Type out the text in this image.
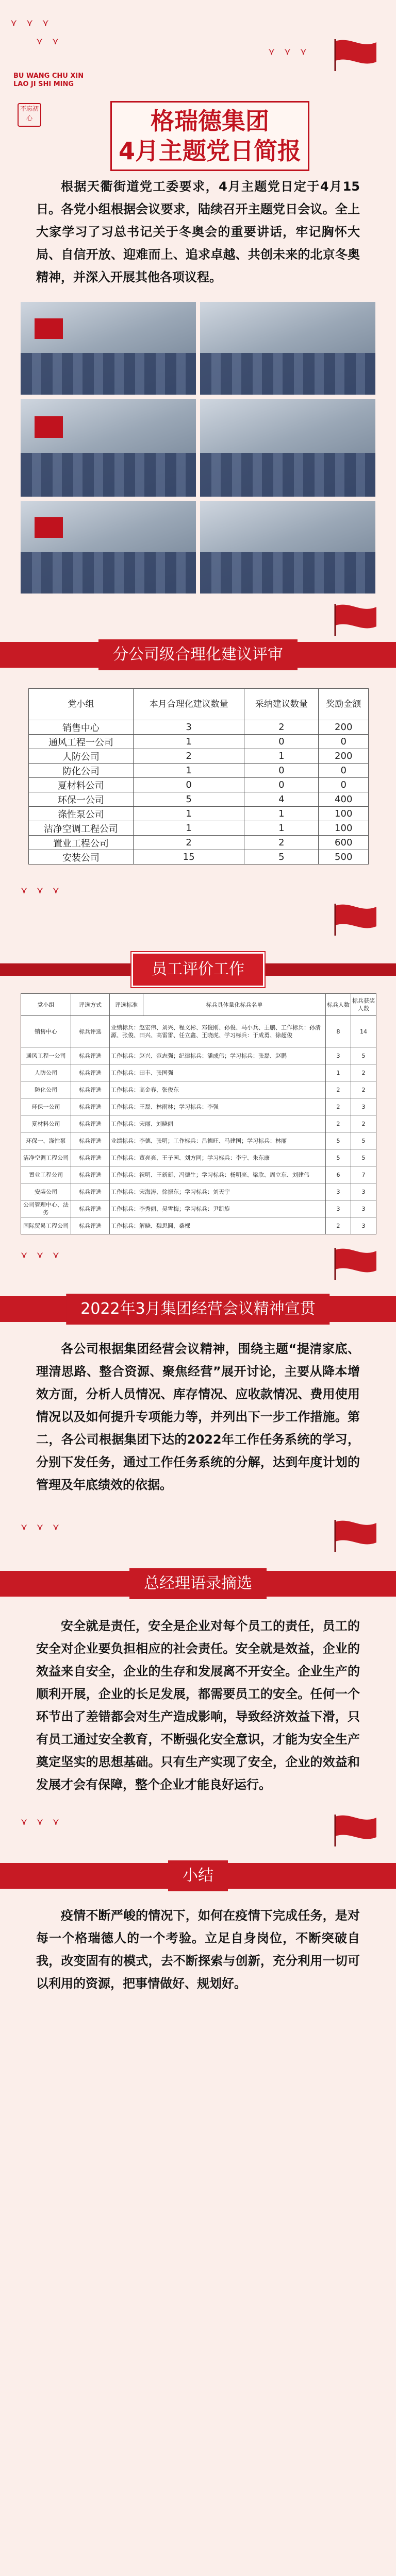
⋎ ⋎ ⋎
⋎ ⋎
⋎ ⋎ ⋎
BU WANG CHU XIN
LAO JI SHI MING
不忘初心	格瑞德集团
4月主题党日简报
根据天衢街道党工委要求，4月主题党日定于4月15日。各党小组根据会议要求，陆续召开主题党日会议。全上大家学习了习总书记关于冬奥会的重要讲话，牢记胸怀大局、自信开放、迎难而上、追求卓越、共创未来的北京冬奥精神，并深入开展其他各项议程。
分公司级合理化建议评审
党小组	本月合理化建议数量	采纳建议数量	奖励金额
销售中心	3	2	200
通风工程一公司	1	0	0
人防公司	2	1	200
防化公司	1	0	0
夏材料公司	0	0	0
环保一公司	5	4	400
涤性泵公司	1	1	100
洁净空调工程公司	1	1	100
置业工程公司	2	2	600
安装公司	15	5	500
⋎ ⋎ ⋎
员工评价工作
党小组	评选方式	评选标准	标兵具体量化标兵名单	标兵人数	标兵获奖人数
销售中心	标兵评选	业绩标兵：赵宏伟、刘兴、程文彬、邓俊刚、孙俊、马小兵、王鹏、工作标兵：孙清源、张俊、田兴、高雷雷、任立鑫、王晓虎、学习标兵：于成勇、徐超俊		8	14
通风工程一公司	标兵评选	工作标兵：赵兴、范志强；纪律标兵：潘成伟；学习标兵：张磊、赵鹏		3	5
人防公司	标兵评选	工作标兵：田丰、张国强		1	2
防化公司	标兵评选	工作标兵：高金春、张俊东		2	2
环保一公司	标兵评选	工作标兵：王磊、林雨林；学习标兵：李强		2	3
夏材料公司	标兵评选	工作标兵：宋丽、刘晓丽		2	2
环保一、涤性泵	标兵评选	业绩标兵：李德、张明；工作标兵：吕德旺、马建国；学习标兵：林丽		5	5
洁净空调工程公司	标兵评选	工作标兵：董亮亮、王子园、刘方同；学习标兵：李宁、朱东康		5	5
置业工程公司	标兵评选	工作标兵：祝明、王新新、冯德生；学习标兵：杨明亮、梁欣、周立东、刘建伟		6	7
安装公司	标兵评选	工作标兵：宋海涛、徐振东；学习标兵：刘天宇		3	3
公司管理中心、法务	标兵评选	工作标兵：李秀丽、吴雪梅；学习标兵：尹凯旋		3	3
国际贸易工程公司	标兵评选	工作标兵：解晓、魏思圆、桑棵		2	3
⋎ ⋎ ⋎
2022年3月集团经营会议精神宣贯
各公司根据集团经营会议精神，围绕主题“提清家底、理清思路、整合资源、聚焦经营”展开讨论，主要从降本增效方面，分析人员情况、库存情况、应收款情况、费用使用情况以及如何提升专项能力等，并列出下一步工作措施。第二，各公司根据集团下达的2022年工作任务系统的学习，分别下发任务，通过工作任务系统的分解，达到年度计划的管理及年底绩效的依据。
⋎ ⋎ ⋎
总经理语录摘选
安全就是责任，安全是企业对每个员工的责任，员工的安全对企业要负担相应的社会责任。安全就是效益，企业的效益来自安全，企业的生存和发展离不开安全。企业生产的顺利开展，企业的长足发展，都需要员工的安全。任何一个环节出了差错都会对生产造成影响，导致经济效益下滑，只有员工通过安全教育，不断强化安全意识，才能为安全生产奠定坚实的思想基础。只有生产实现了安全，企业的效益和发展才会有保障，整个企业才能良好运行。
⋎ ⋎ ⋎
小结
疫情不断严峻的情况下，如何在疫情下完成任务，是对每一个格瑞德人的一个考验。立足自身岗位，不断突破自我，改变固有的模式，去不断探索与创新，充分利用一切可以利用的资源，把事情做好、规划好。
